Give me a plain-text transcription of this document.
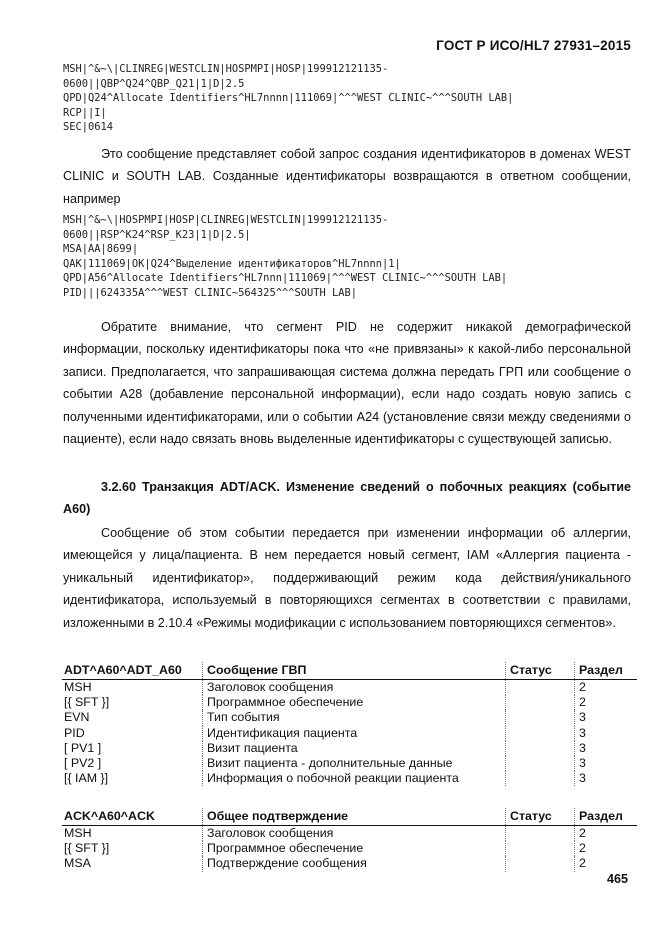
ГОСТ Р ИСО/HL7 27931–2015
MSH|^&~\|CLINREG|WESTCLIN|HOSPMPI|HOSP|199912121135-
0600||QBP^Q24^QBP_Q21|1|D|2.5
QPD|Q24^Allocate Identifiers^HL7nnnn|111069|^^^WEST CLINIC~^^^SOUTH LAB|
RCP||I|
SEC|0614

Это сообщение представляет собой запрос создания идентификаторов в доменах WEST CLINIC и SOUTH LAB. Созданные идентификаторы возвращаются в ответном сообщении, например

MSH|^&~\|HOSPMPI|HOSP|CLINREG|WESTCLIN|199912121135-
0600||RSP^K24^RSP_K23|1|D|2.5|
MSA|AA|8699|
QAK|111069|OK|Q24^Выделение идентификаторов^HL7nnnn|1|
QPD|A56^Allocate Identifiers^HL7nnn|111069|^^^WEST CLINIC~^^^SOUTH LAB|
PID|||624335A^^^WEST CLINIC~564325^^^SOUTH LAB|

Обратите внимание, что сегмент PID не содержит никакой демографической информации, поскольку идентификаторы пока что «не привязаны» к какой-либо персональной записи. Предполагается, что запрашивающая система должна передать ГРП или сообщение о событии A28 (добавление персональной информации), если надо создать новую запись с полученными идентификаторами, или о событии A24 (установление связи между сведениями о пациенте), если надо связать вновь выделенные идентификаторы с существующей записью.

3.2.60 Транзакция ADT/ACK. Изменение сведений о побочных реакциях (событие A60)

Сообщение об этом событии передается при изменении информации об аллергии, имеющейся у лица/пациента. В нем передается новый сегмент, IAM «Аллергия пациента - уникальный идентификатор», поддерживающий режим кода действия/уникального идентификатора, используемый в повторяющихся сегментах в соответствии с правилами, изложенными в 2.10.4 «Режимы модификации с использованием повторяющихся сегментов».

ADT^A60^ADT_A60	Сообщение ГВП	Статус	Раздел
MSH	Заголовок сообщения		2
[{ SFT }]	Программное обеспечение		2
EVN	Тип события		3
PID	Идентификация пациента		3
[ PV1 ]	Визит пациента		3
[ PV2 ]	Визит пациента - дополнительные данные		3
[{ IAM }]	Информация о побочной реакции пациента		3
ACK^A60^ACK	Общее подтверждение	Статус	Раздел
MSH	Заголовок сообщения		2
[{ SFT }]	Программное обеспечение		2
MSA	Подтверждение сообщения		2
465
